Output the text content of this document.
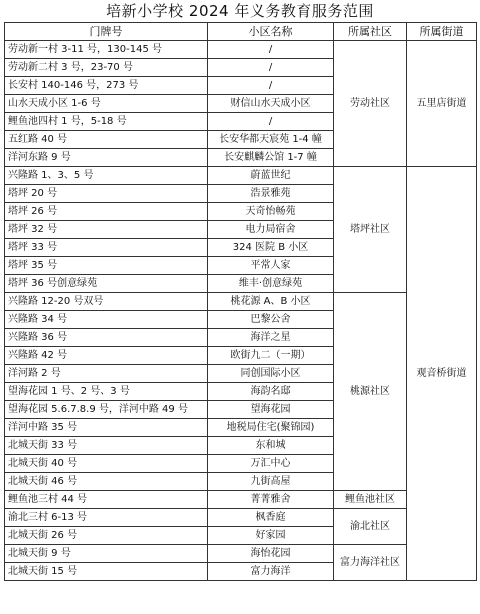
培新小学校 2024 年义务教育服务范围
门牌号	小区名称	所属社区	所属街道
劳动新一村 3-11 号，130-145 号	/	劳动社区	五里店街道
劳动新二村 3 号，23-70 号	/		
长安村 140-146 号，273 号	/		
山水天成小区 1-6 号	财信山水天成小区		
鲤鱼池四村 1 号，5-18 号	/		
五红路 40 号	长安华都天宸苑 1-4 幢		
洋河东路 9 号	长安麒麟公馆 1-7 幢		
兴隆路 1、3、5 号	蔚蓝世纪	塔坪社区	观音桥街道
塔坪 20 号	浩景雅苑		
塔坪 26 号	天奇怡畅苑		
塔坪 32 号	电力局宿舍		
塔坪 33 号	324 医院 B 小区		
塔坪 35 号	平常人家		
塔坪 36 号创意绿苑	维丰·创意绿苑		
兴隆路 12-20 号双号	桃花源 A、B 小区	桃源社区	
兴隆路 34 号	巴黎公舍		
兴隆路 36 号	海洋之星		
兴隆路 42 号	欧街九二（一期）		
洋河路 2 号	同创国际小区		
望海花园 1 号、2 号、3 号	海韵名邸		
望海花园 5.6.7.8.9 号，洋河中路 49 号	望海花园		
洋河中路 35 号	地税局住宅(聚锦园)		
北城天街 33 号	东和城		
北城天街 40 号	万汇中心		
北城天街 46 号	九街高屋		
鲤鱼池三村 44 号	菁菁雅舍	鲤鱼池社区	
渝北三村 6-13 号	枫香庭	渝北社区	
北城天街 26 号	好家园		
北城天街 9 号	海怡花园	富力海洋社区	
北城天街 15 号	富力海洋		
